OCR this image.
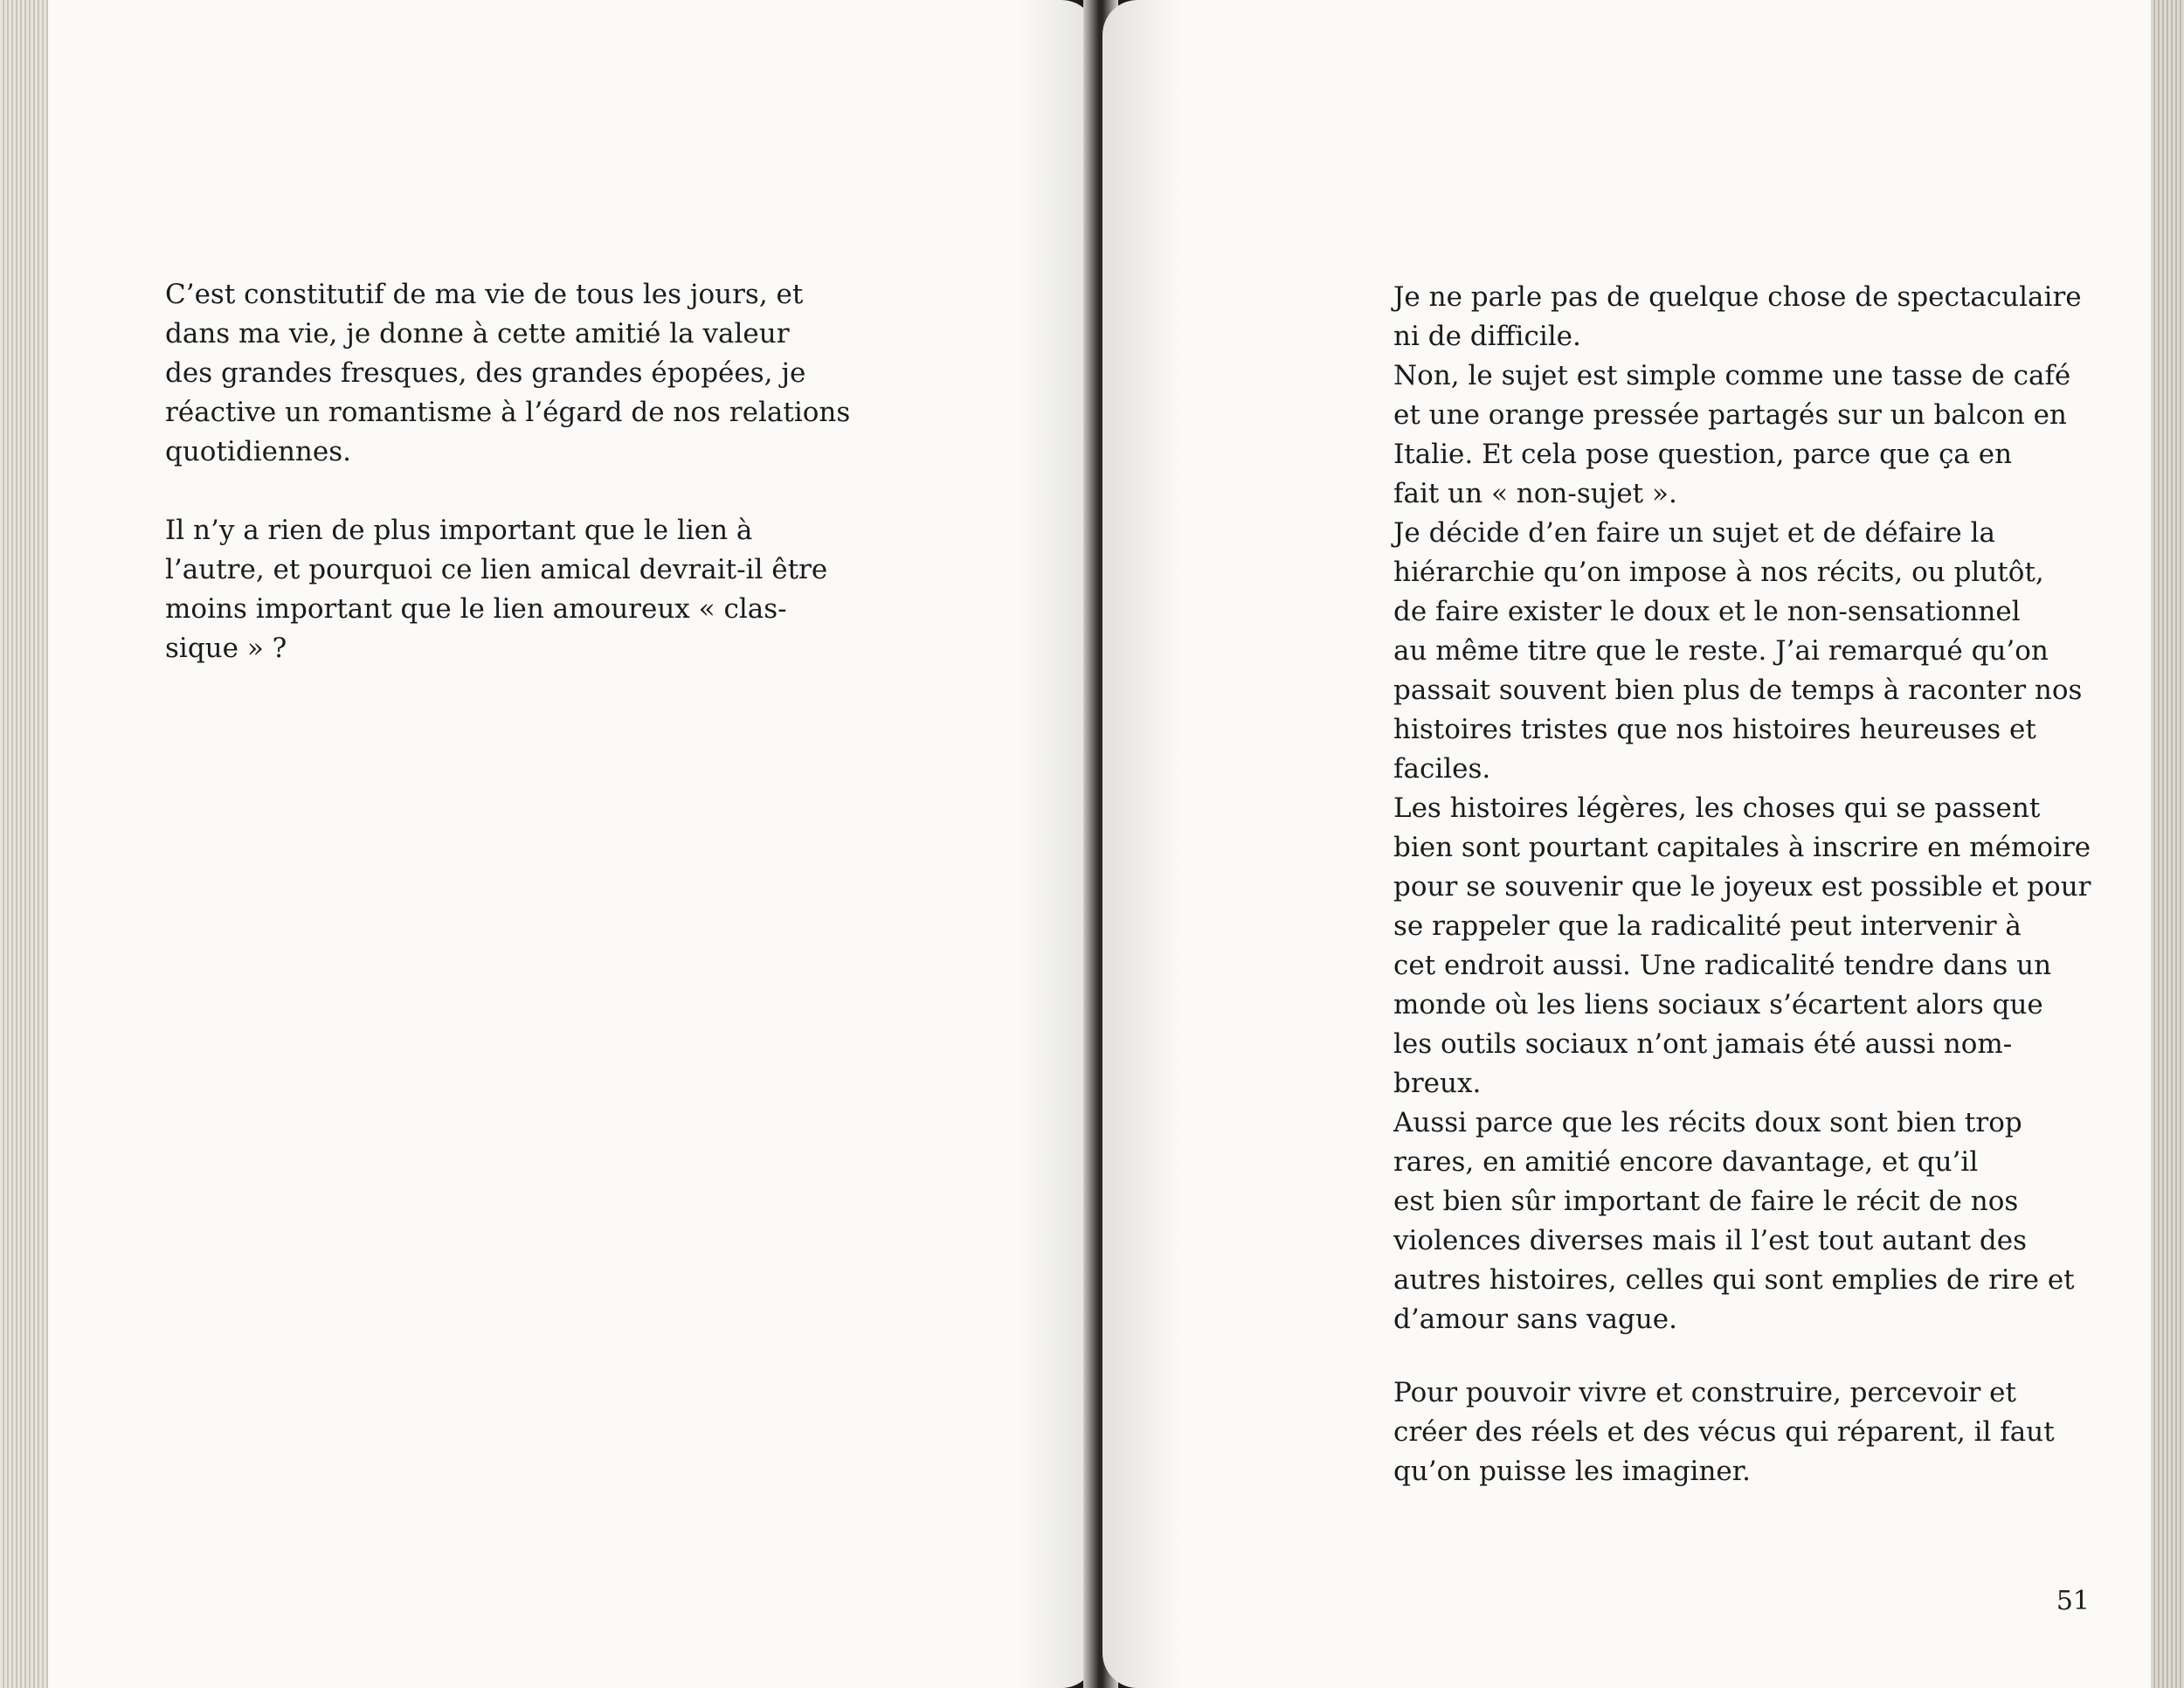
C’est constitutif de ma vie de tous les jours, et
dans ma vie, je donne à cette amitié la valeur
des grandes fresques, des grandes épopées, je
réactive un romantisme à l’égard de nos relations
quotidiennes.

Il n’y a rien de plus important que le lien à
l’autre, et pourquoi ce lien amical devrait-il être
moins important que le lien amoureux « clas-
sique » ?

Je ne parle pas de quelque chose de spectaculaire
ni de difficile.
Non, le sujet est simple comme une tasse de café
et une orange pressée partagés sur un balcon en
Italie. Et cela pose question, parce que ça en
fait un « non-sujet ».
Je décide d’en faire un sujet et de défaire la
hiérarchie qu’on impose à nos récits, ou plutôt,
de faire exister le doux et le non-sensationnel
au même titre que le reste. J’ai remarqué qu’on
passait souvent bien plus de temps à raconter nos
histoires tristes que nos histoires heureuses et
faciles.
Les histoires légères, les choses qui se passent
bien sont pourtant capitales à inscrire en mémoire
pour se souvenir que le joyeux est possible et pour
se rappeler que la radicalité peut intervenir à
cet endroit aussi. Une radicalité tendre dans un
monde où les liens sociaux s’écartent alors que
les outils sociaux n’ont jamais été aussi nom-
breux.
Aussi parce que les récits doux sont bien trop
rares, en amitié encore davantage, et qu’il
est bien sûr important de faire le récit de nos
violences diverses mais il l’est tout autant des
autres histoires, celles qui sont emplies de rire et
d’amour sans vague.

Pour pouvoir vivre et construire, percevoir et
créer des réels et des vécus qui réparent, il faut
qu’on puisse les imaginer.

51
